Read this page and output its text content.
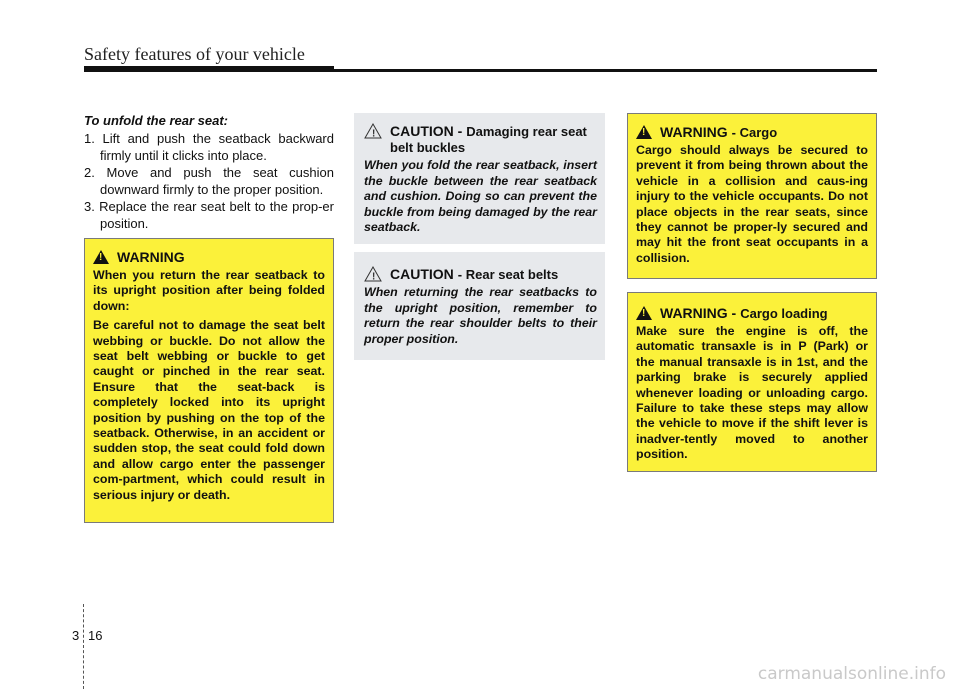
Safety features of your vehicle
To unfold the rear seat:
1. Lift and push the seatback backward firmly until it clicks into place.
2. Move and push the seat cushion downward firmly to the proper position.
3. Replace the rear seat belt to the prop-er position.
!
WARNING

When you return the rear seatback to its upright position after being folded down:

Be careful not to damage the seat belt webbing or buckle. Do not allow the seat belt webbing or buckle to get caught or pinched in the rear seat. Ensure that the seat-back is completely locked into its upright position by pushing on the top of the seatback. Otherwise, in an accident or sudden stop, the seat could fold down and allow cargo enter the passenger com-partment, which could result in serious injury or death.

! CAUTION - Damaging rear seat belt buckles
When you fold the rear seatback, insert the buckle between the rear seatback and cushion. Doing so can prevent the buckle from being damaged by the rear seatback.
! CAUTION - Rear seat belts
When returning the rear seatbacks to the upright position, remember to return the rear shoulder belts to their proper position.
!
WARNING - Cargo
Cargo should always be secured to prevent it from being thrown about the vehicle in a collision and caus-ing injury to the vehicle occupants. Do not place objects in the rear seats, since they cannot be proper-ly secured and may hit the front seat occupants in a collision.
!
WARNING - Cargo loading
Make sure the engine is off, the automatic transaxle is in P (Park) or the manual transaxle is in 1st, and the parking brake is securely applied whenever loading or unloading cargo. Failure to take these steps may allow the vehicle to move if the shift lever is inadver-tently moved to another position.
3 16
carmanualsonline.info
